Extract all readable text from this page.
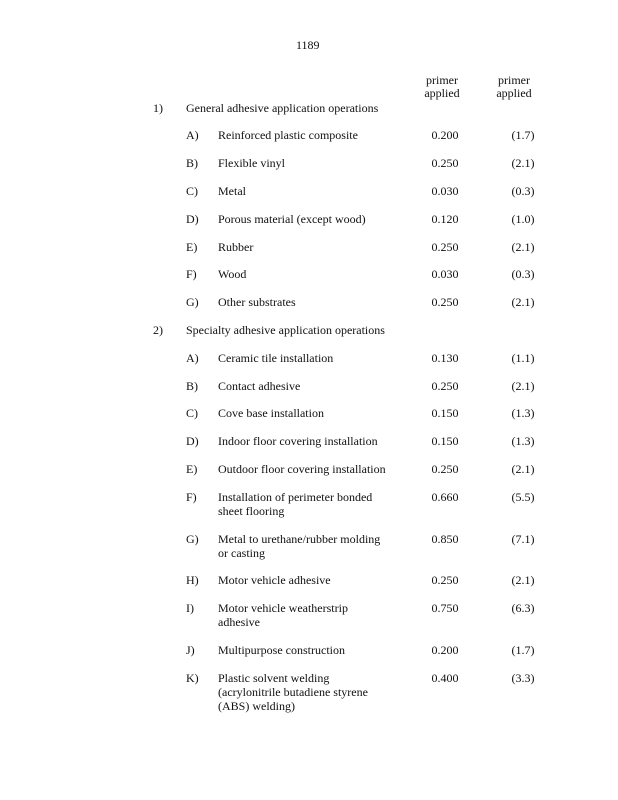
1189
primer
applied
primer
applied
1) General adhesive application operations
A) Reinforced plastic composite	0.200	(1.7)
B) Flexible vinyl	0.250	(2.1)
C) Metal	0.030	(0.3)
D) Porous material (except wood)	0.120	(1.0)
E) Rubber	0.250	(2.1)
F) Wood	0.030	(0.3)
G) Other substrates	0.250	(2.1)
2) Specialty adhesive application operations
A) Ceramic tile installation	0.130	(1.1)
B) Contact adhesive	0.250	(2.1)
C) Cove base installation	0.150	(1.3)
D) Indoor floor covering installation	0.150	(1.3)
E) Outdoor floor covering installation	0.250	(2.1)
F) Installation of perimeter bonded
sheet flooring
0.660	(5.5)
G) Metal to urethane/rubber molding
or casting
0.850	(7.1)
H) Motor vehicle adhesive	0.250	(2.1)
I) Motor vehicle weatherstrip
adhesive
0.750	(6.3)
J) Multipurpose construction	0.200	(1.7)
K) Plastic solvent welding
(acrylonitrile butadiene styrene
(ABS) welding)
0.400	(3.3)
